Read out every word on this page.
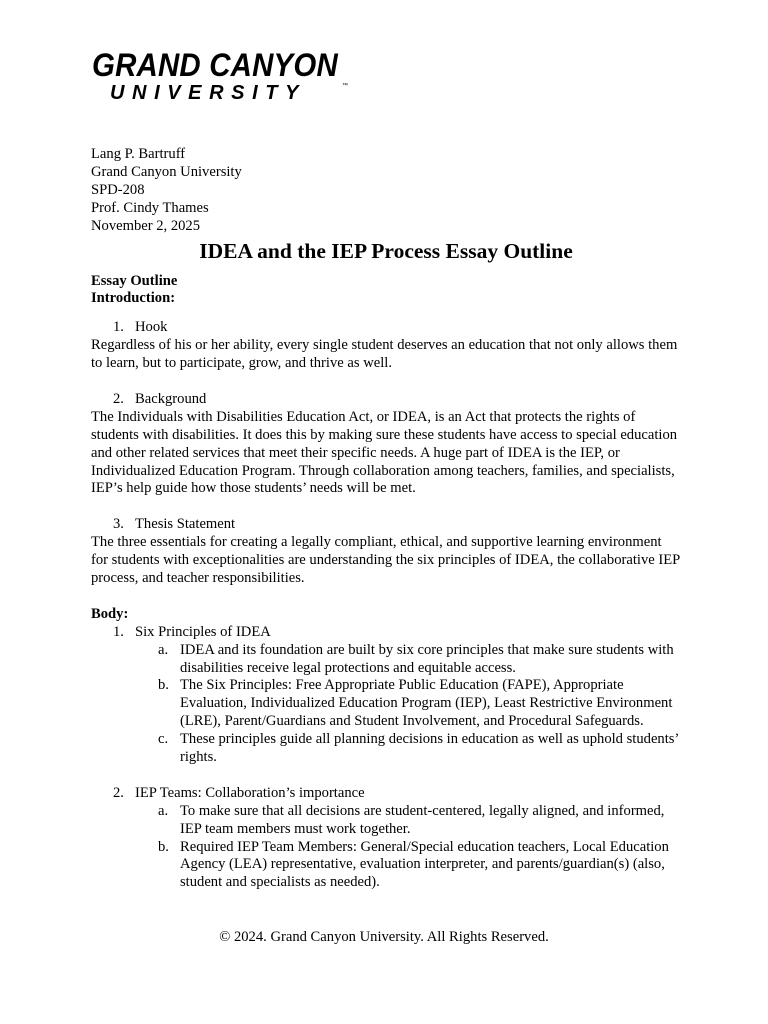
GRAND CANYON
UNIVERSITY	™
Lang P. Bartruff
Grand Canyon University
SPD-208
Prof. Cindy Thames
November 2, 2025
IDEA and the IEP Process Essay Outline
Essay Outline
Introduction:
1. Hook
Regardless of his or her ability, every single student deserves an education that not only allows them to learn, but to participate, grow, and thrive as well.
2. Background
The Individuals with Disabilities Education Act, or IDEA, is an Act that protects the rights of students with disabilities. It does this by making sure these students have access to special education and other related services that meet their specific needs. A huge part of IDEA is the IEP, or Individualized Education Program. Through collaboration among teachers, families, and specialists, IEP’s help guide how those students’ needs will be met.
3. Thesis Statement
The three essentials for creating a legally compliant, ethical, and supportive learning environment for students with exceptionalities are understanding the six principles of IDEA, the collaborative IEP process, and teacher responsibilities.
Body:
1. Six Principles of IDEA
a. IDEA and its foundation are built by six core principles that make sure students with disabilities receive legal protections and equitable access.
b. The Six Principles: Free Appropriate Public Education (FAPE), Appropriate Evaluation, Individualized Education Program (IEP), Least Restrictive Environment (LRE), Parent/Guardians and Student Involvement, and Procedural Safeguards.
c. These principles guide all planning decisions in education as well as uphold students’ rights.
2. IEP Teams: Collaboration’s importance
a. To make sure that all decisions are student-centered, legally aligned, and informed, IEP team members must work together.
b. Required IEP Team Members: General/Special education teachers, Local Education Agency (LEA) representative, evaluation interpreter, and parents/guardian(s) (also, student and specialists as needed).
© 2024. Grand Canyon University. All Rights Reserved.
